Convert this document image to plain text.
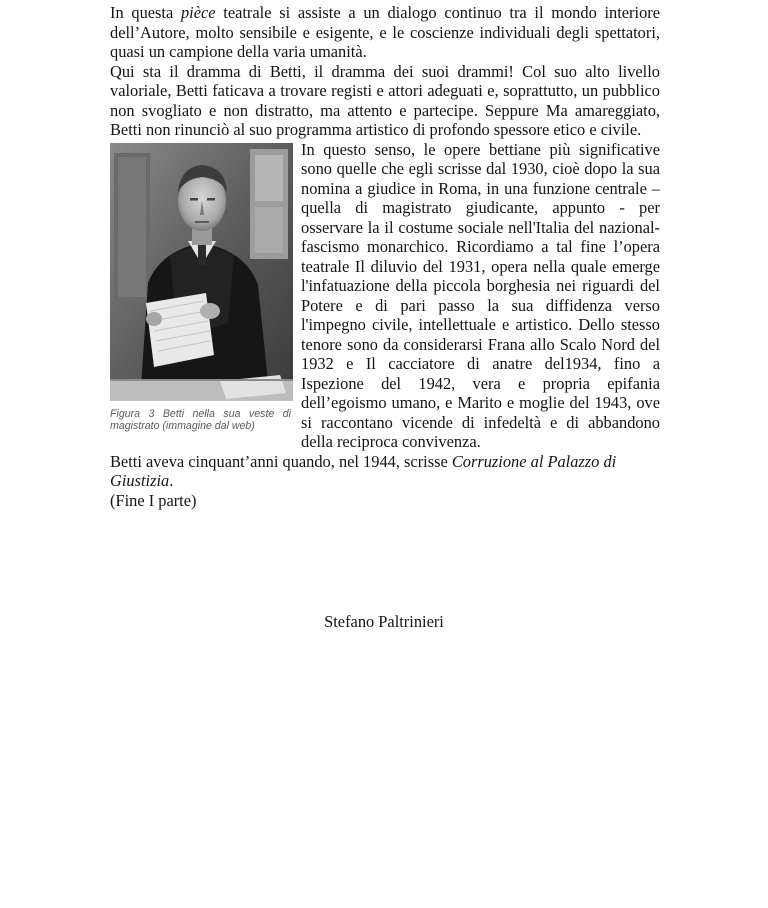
In questa pièce teatrale si assiste a un dialogo continuo tra il mondo interiore dell’Autore, molto sensibile e esigente, e le coscienze individuali degli spettatori, quasi un campione della varia umanità.

Qui sta il dramma di Betti, il dramma dei suoi drammi! Col suo alto livello valoriale, Betti faticava a trovare registi e attori adeguati e, soprattutto, un pubblico non svogliato e non distratto, ma attento e partecipe. Seppure Ma amareggiato, Betti non rinunciò al suo programma artistico di profondo spessore etico e civile.

Figura 3 Betti nella sua veste di magistrato (immagine dal web)

In questo senso, le opere bettiane più significative sono quelle che egli scrisse dal 1930, cioè dopo la sua nomina a giudice in Roma, in una funzione centrale – quella di magistrato giudicante, appunto - per osservare la il costume sociale nell'Italia del nazional-fascismo monarchico. Ricordiamo a tal fine l’opera teatrale Il diluvio del 1931, opera nella quale emerge l'infatuazione della piccola borghesia nei riguardi del Potere e di pari passo la sua diffidenza verso l'impegno civile, intellettuale e artistico. Dello stesso tenore sono da considerarsi Frana allo Scalo Nord del 1932 e Il cacciatore di anatre del1934, fino a Ispezione del 1942, vera e propria epifania dell’egoismo umano, e Marito e moglie del 1943, ove si raccontano vicende di infedeltà e di abbandono della reciproca convivenza.

Betti aveva cinquant’anni quando, nel 1944, scrisse Corruzione al Palazzo di Giustizia.

(Fine I parte)

Stefano Paltrinieri
